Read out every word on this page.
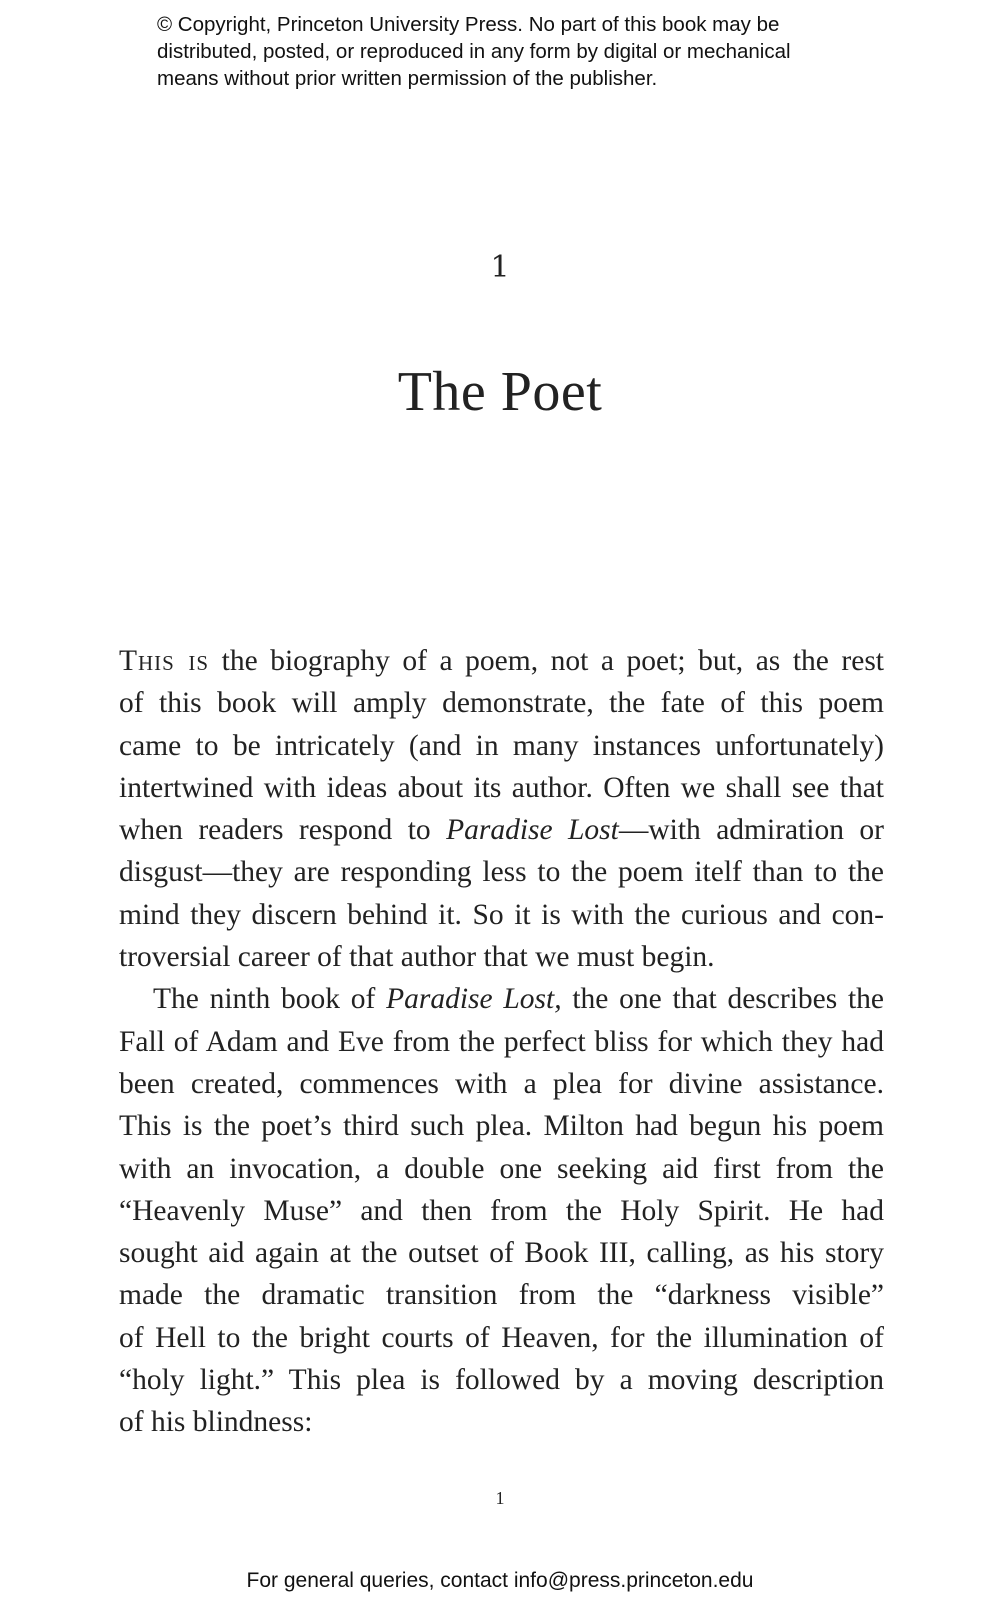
© Copyright, Princeton University Press. No part of this book may be
distributed, posted, or reproduced in any form by digital or mechanical
means without prior written permission of the publisher.
1
The Poet
This is the biography of a poem, not a poet; but, as the rest
of this book will amply demonstrate, the fate of this poem
came to be intricately (and in many instances unfortunately)
intertwined with ideas about its author. Often we shall see that
when readers respond to Paradise Lost—with admiration or
disgust—they are responding less to the poem itelf than to the
mind they discern behind it. So it is with the curious and con-
troversial career of that author that we must begin.
The ninth book of Paradise Lost, the one that describes the
Fall of Adam and Eve from the perfect bliss for which they had
been created, commences with a plea for divine assistance.
This is the poet’s third such plea. Milton had begun his poem
with an invocation, a double one seeking aid first from the
“Heavenly Muse” and then from the Holy Spirit. He had
sought aid again at the outset of Book III, calling, as his story
made the dramatic transition from the “darkness visible”
of Hell to the bright courts of Heaven, for the illumination of
“holy light.” This plea is followed by a moving description
of his blindness:
1
For general queries, contact info@press.princeton.edu
